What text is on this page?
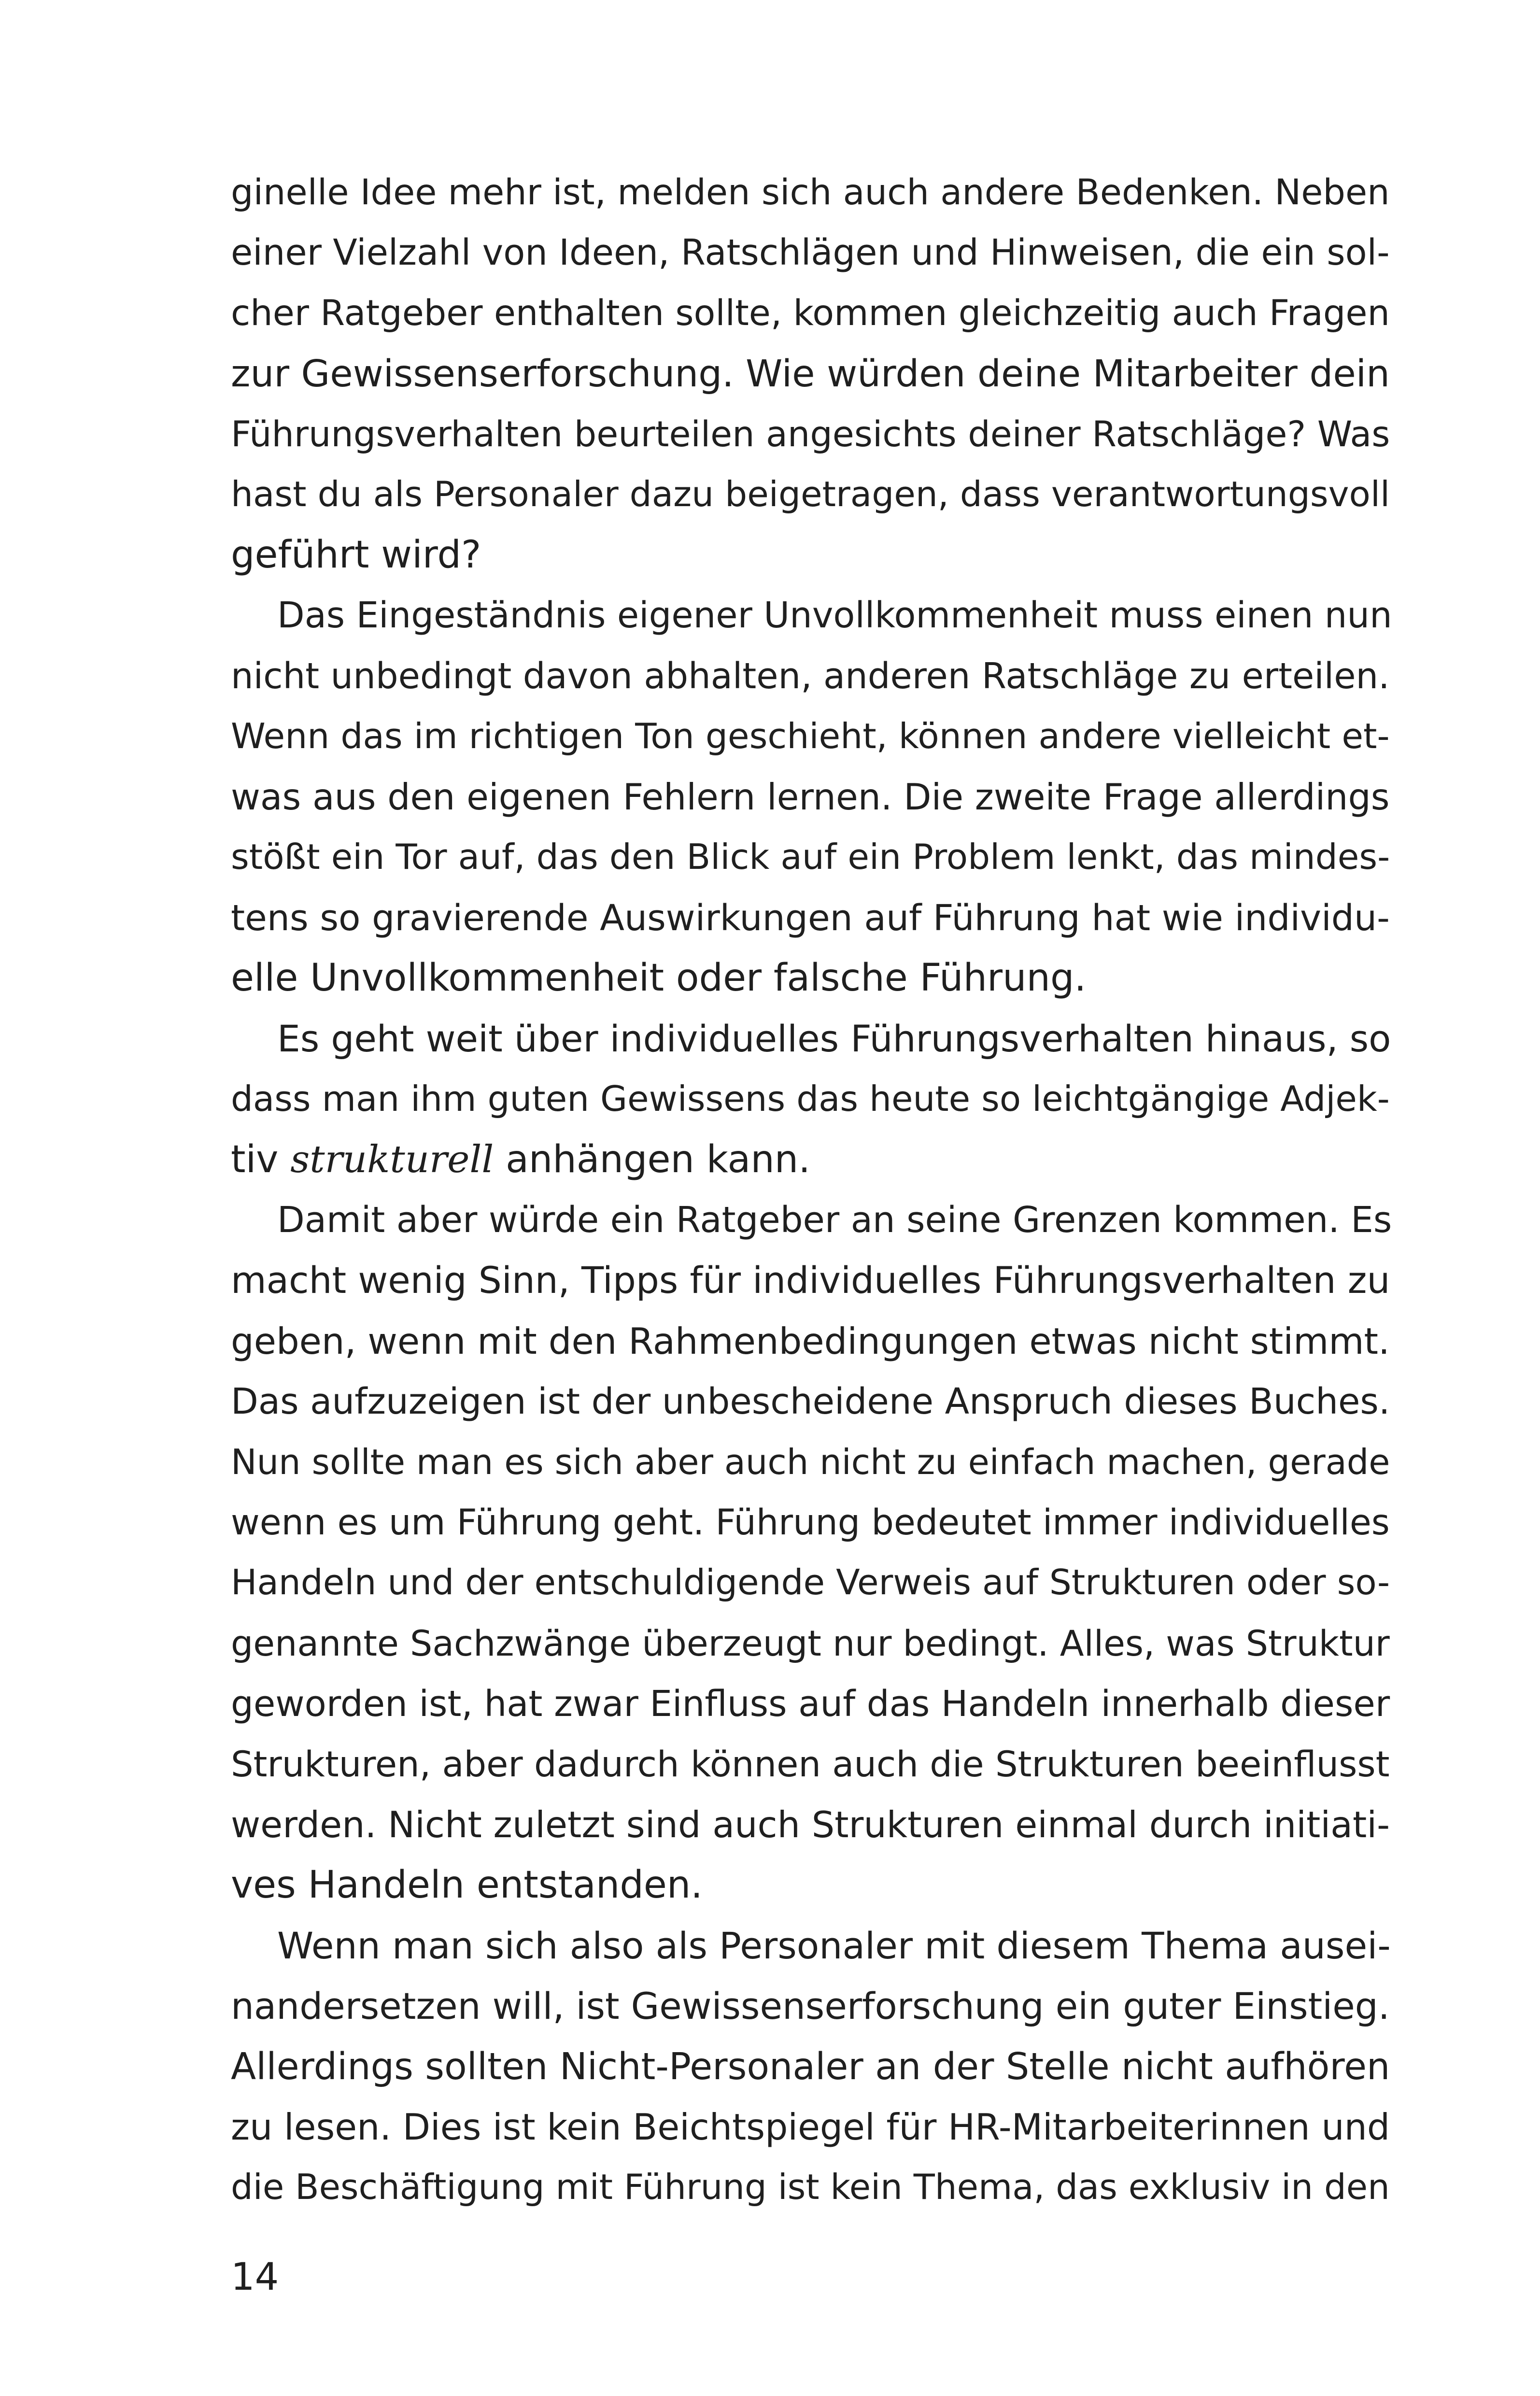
ginelle Idee mehr ist, melden sich auch andere Bedenken. Neben
einer Vielzahl von Ideen, Ratschlägen und Hinweisen, die ein sol-
cher Ratgeber enthalten sollte, kommen gleichzeitig auch Fragen
zur Gewissenserforschung. Wie würden deine Mitarbeiter dein
Führungsverhalten beurteilen angesichts deiner Ratschläge? Was
hast du als Personaler dazu beigetragen, dass verantwortungsvoll
geführt wird?
Das Eingeständnis eigener Unvollkommenheit muss einen nun
nicht unbedingt davon abhalten, anderen Ratschläge zu erteilen.
Wenn das im richtigen Ton geschieht, können andere vielleicht et-
was aus den eigenen Fehlern lernen. Die zweite Frage allerdings
stößt ein Tor auf, das den Blick auf ein Problem lenkt, das mindes-
tens so gravierende Auswirkungen auf Führung hat wie individu-
elle Unvollkommenheit oder falsche Führung.
Es geht weit über individuelles Führungsverhalten hinaus, so
dass man ihm guten Gewissens das heute so leichtgängige Adjek-
tiv strukturell anhängen kann.
Damit aber würde ein Ratgeber an seine Grenzen kommen. Es
macht wenig Sinn, Tipps für individuelles Führungsverhalten zu
geben, wenn mit den Rahmenbedingungen etwas nicht stimmt.
Das aufzuzeigen ist der unbescheidene Anspruch dieses Buches.
Nun sollte man es sich aber auch nicht zu einfach machen, gerade
wenn es um Führung geht. Führung bedeutet immer individuelles
Handeln und der entschuldigende Verweis auf Strukturen oder so-
genannte Sachzwänge überzeugt nur bedingt. Alles, was Struktur
geworden ist, hat zwar Einfluss auf das Handeln innerhalb dieser
Strukturen, aber dadurch können auch die Strukturen beeinflusst
werden. Nicht zuletzt sind auch Strukturen einmal durch initiati-
ves Handeln entstanden.
Wenn man sich also als Personaler mit diesem Thema ausei-
nandersetzen will, ist Gewissenserforschung ein guter Einstieg.
Allerdings sollten Nicht-Personaler an der Stelle nicht aufhören
zu lesen. Dies ist kein Beichtspiegel für HR-Mitarbeiterinnen und
die Beschäftigung mit Führung ist kein Thema, das exklusiv in den
14
